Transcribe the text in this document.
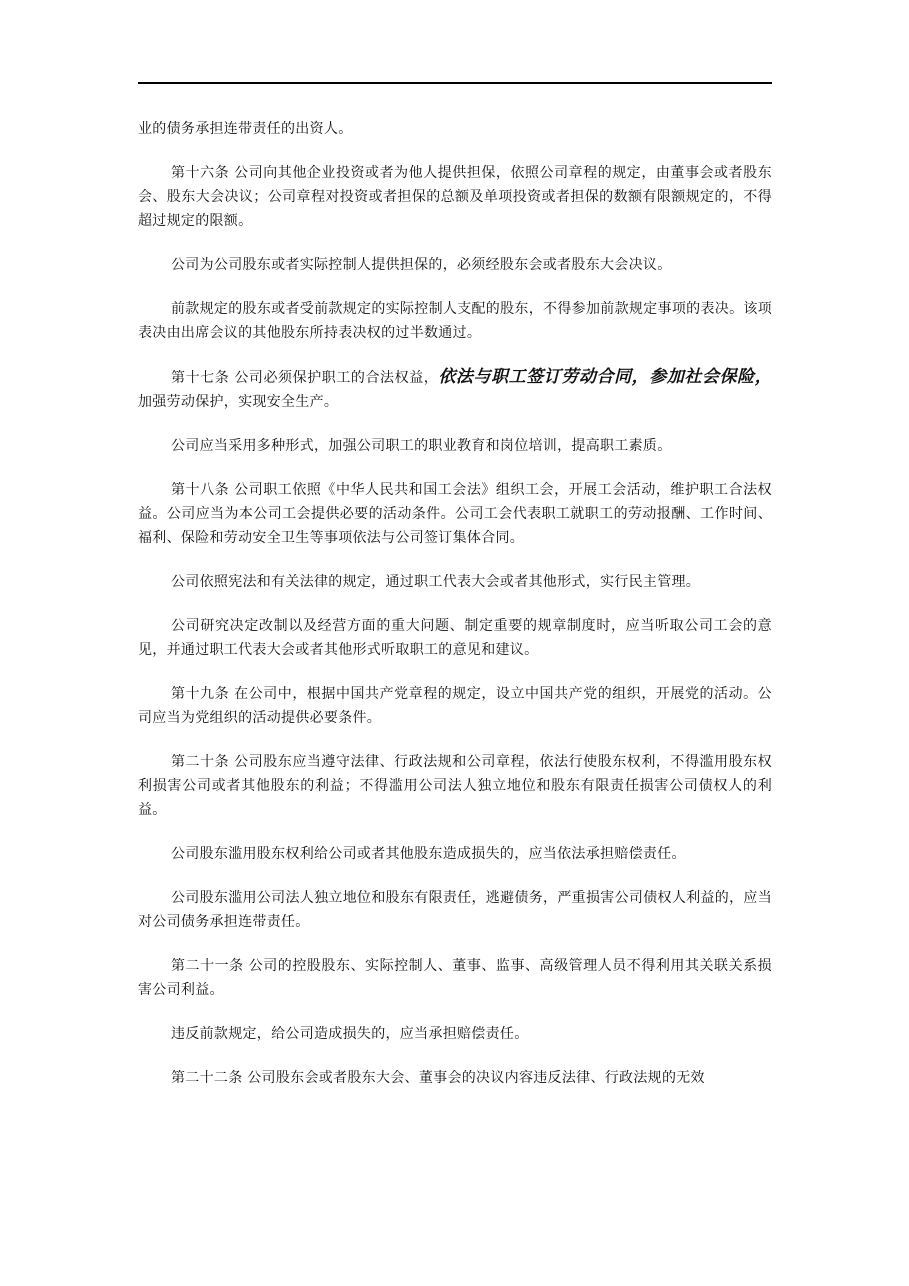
业的债务承担连带责任的出资人。

第十六条 公司向其他企业投资或者为他人提供担保，依照公司章程的规定，由董事会或者股东会、股东大会决议；公司章程对投资或者担保的总额及单项投资或者担保的数额有限额规定的，不得超过规定的限额。

公司为公司股东或者实际控制人提供担保的，必须经股东会或者股东大会决议。

前款规定的股东或者受前款规定的实际控制人支配的股东，不得参加前款规定事项的表决。该项表决由出席会议的其他股东所持表决权的过半数通过。

第十七条 公司必须保护职工的合法权益，依法与职工签订劳动合同，参加社会保险，加强劳动保护，实现安全生产。

公司应当采用多种形式，加强公司职工的职业教育和岗位培训，提高职工素质。

第十八条 公司职工依照《中华人民共和国工会法》组织工会，开展工会活动，维护职工合法权益。公司应当为本公司工会提供必要的活动条件。公司工会代表职工就职工的劳动报酬、工作时间、福利、保险和劳动安全卫生等事项依法与公司签订集体合同。

公司依照宪法和有关法律的规定，通过职工代表大会或者其他形式，实行民主管理。

公司研究决定改制以及经营方面的重大问题、制定重要的规章制度时，应当听取公司工会的意见，并通过职工代表大会或者其他形式听取职工的意见和建议。

第十九条 在公司中，根据中国共产党章程的规定，设立中国共产党的组织，开展党的活动。公司应当为党组织的活动提供必要条件。

第二十条 公司股东应当遵守法律、行政法规和公司章程，依法行使股东权利，不得滥用股东权利损害公司或者其他股东的利益；不得滥用公司法人独立地位和股东有限责任损害公司债权人的利益。

公司股东滥用股东权利给公司或者其他股东造成损失的，应当依法承担赔偿责任。

公司股东滥用公司法人独立地位和股东有限责任，逃避债务，严重损害公司债权人利益的，应当对公司债务承担连带责任。

第二十一条 公司的控股股东、实际控制人、董事、监事、高级管理人员不得利用其关联关系损害公司利益。

违反前款规定，给公司造成损失的，应当承担赔偿责任。

第二十二条 公司股东会或者股东大会、董事会的决议内容违反法律、行政法规的无效
